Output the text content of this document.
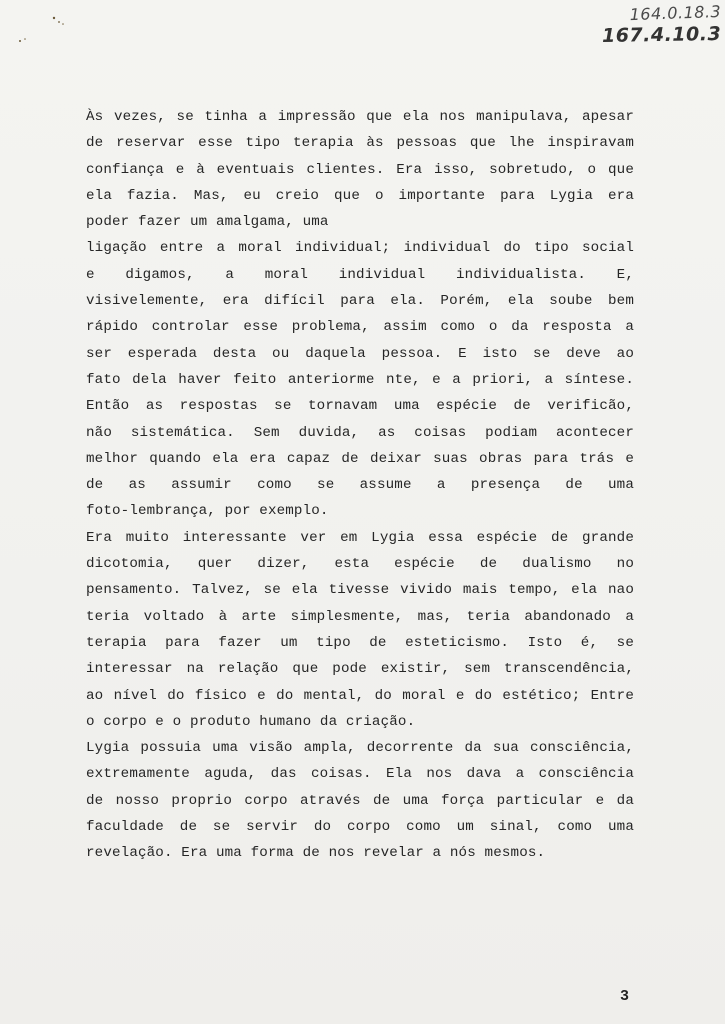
164.0.18.3
167.4.10.3
Às vezes, se tinha a impressão que ela nos manipulava, apesar
de reservar esse tipo terapia às pessoas que lhe inspiravam
confiança e à eventuais clientes. Era isso, sobretudo, o que
ela fazia. Mas, eu creio que o importante para Lygia era
poder fazer um amalgama, uma
ligação entre a moral individual; individual do tipo social
e digamos, a moral individual individualista. E,
visivelemente, era difícil para ela. Porém, ela soube bem
rápido controlar esse problema, assim como o da resposta a
ser esperada desta ou daquela pessoa. E isto se deve ao
fato dela haver feito anteriorme nte, e a priori, a síntese.
Então as respostas se tornavam uma espécie de verificão,
não sistemática. Sem duvida, as coisas podiam acontecer
melhor quando ela era capaz de deixar suas obras para trás e
de as assumir como se assume a presença de uma
foto-lembrança, por exemplo.
Era muito interessante ver em Lygia essa espécie de grande
dicotomia, quer dizer, esta espécie de dualismo no
pensamento. Talvez, se ela tivesse vivido mais tempo, ela nao
teria voltado à arte simplesmente, mas, teria abandonado a
terapia para fazer um tipo de esteticismo. Isto é, se
interessar na relação que pode existir, sem transcendência,
ao nível do físico e do mental, do moral e do estético; Entre
o corpo e o produto humano da criação.
Lygia possuia uma visão ampla, decorrente da sua consciência,
extremamente aguda, das coisas. Ela nos dava a consciência
de nosso proprio corpo através de uma força particular e da
faculdade de se servir do corpo como um sinal, como uma
revelação. Era uma forma de nos revelar a nós mesmos.
3
